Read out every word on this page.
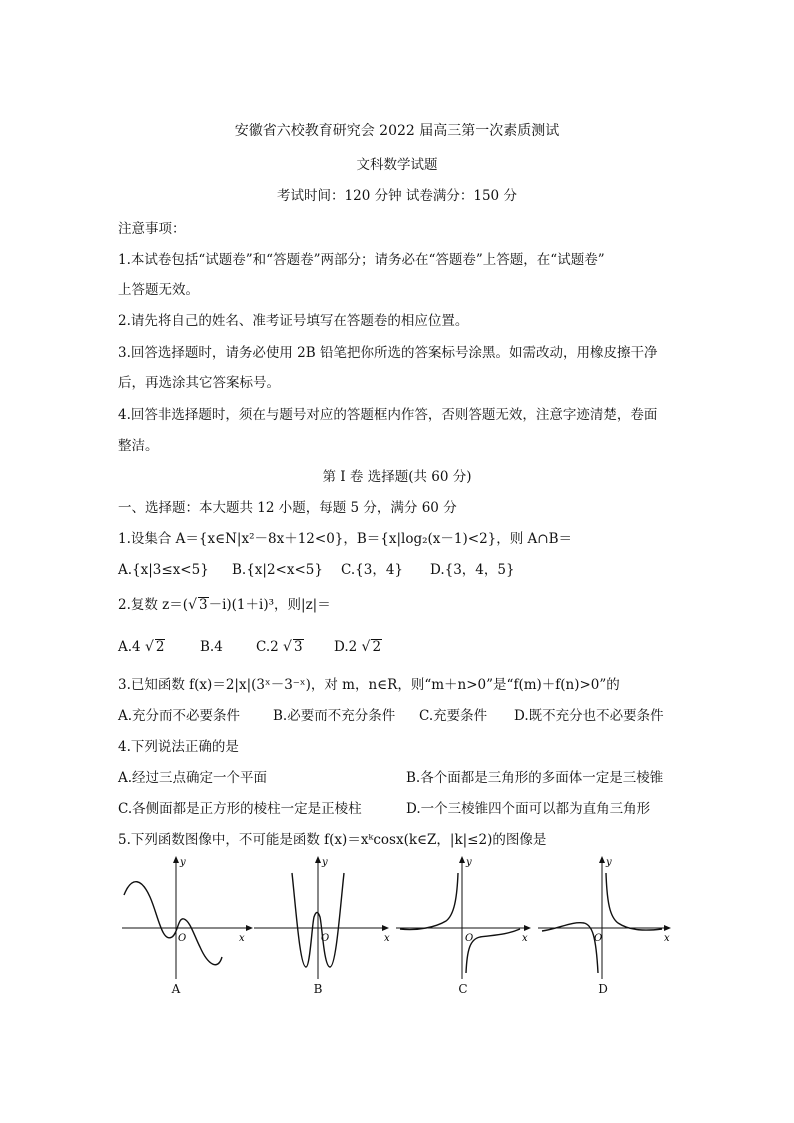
安徽省六校教育研究会 2022 届高三第一次素质测试
文科数学试题
考试时间：120 分钟 试卷满分：150 分
注意事项：
1.本试卷包括“试题卷”和“答题卷”两部分；请务必在“答题卷”上答题，在“试题卷”
上答题无效。
2.请先将自己的姓名、准考证号填写在答题卷的相应位置。
3.回答选择题时，请务必使用 2B 铅笔把你所选的答案标号涂黑。如需改动，用橡皮擦干净
后，再选涂其它答案标号。
4.回答非选择题时，须在与题号对应的答题框内作答，否则答题无效，注意字迹清楚，卷面
整洁。
第 I 卷 选择题(共 60 分)
一、选择题：本大题共 12 小题，每题 5 分，满分 60 分
1.设集合 A＝{x∈N|x²－8x＋12<0}，B＝{x|log₂(x－1)<2}，则 A∩B＝
A.{x|3≤x<5} B.{x|2<x<5} C.{3，4} D.{3，4，5}
2.复数 z＝(√ 3－i)(1＋i)³，则|z|＝
A.4 √ 2	B.4 C.2 √ 3 D.2 √ 2
3.已知函数 f(x)＝2|x|(3ˣ－3⁻ˣ)，对 m，n∈R，则“m＋n>0”是“f(m)＋f(n)>0”的
A.充分而不必要条件 B.必要而不充分条件 C.充要条件 D.既不充分也不必要条件
4.下列说法正确的是
A.经过三点确定一个平面	B.各个面都是三角形的多面体一定是三棱锥
C.各侧面都是正方形的棱柱一定是正棱柱	D.一个三棱锥四个面可以都为直角三角形
5.下列函数图像中，不可能是函数 f(x)＝xᵏcosx(k∈Z，|k|≤2)的图像是
y
x
O
y
x
O
y
x
O
y
x
O
A	B	C	D
